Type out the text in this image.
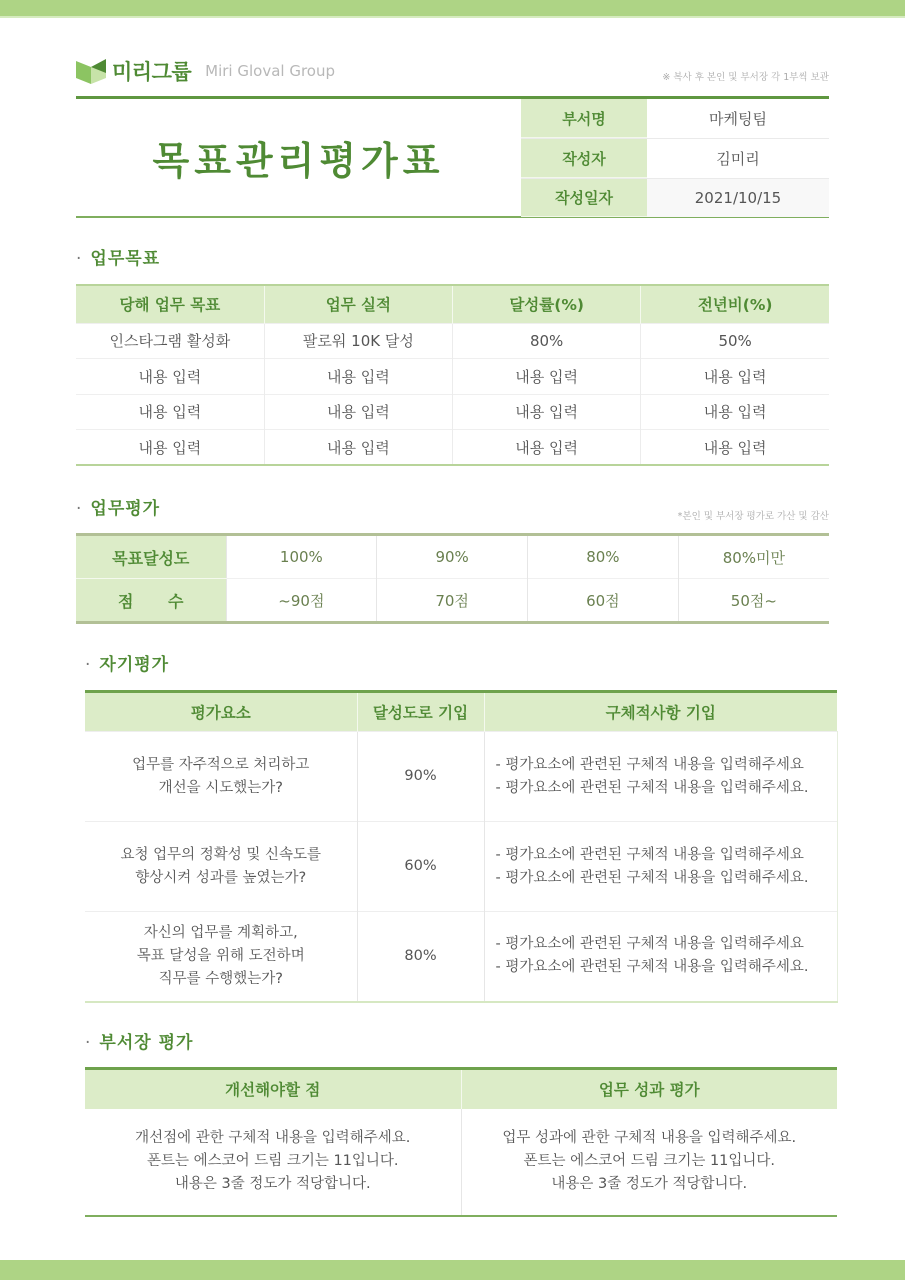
미리그룹 Miri Gloval Group	※ 복사 후 본인 및 부서장 각 1부씩 보관
목표관리평가표
부서명	마케팅팀
작성자	김미리
작성일자	2021/10/15
· 업무목표
당해 업무 목표	업무 실적	달성률(%)	전년비(%)
인스타그램 활성화	팔로워 10K 달성	80%	50%
내용 입력	내용 입력	내용 입력	내용 입력
내용 입력	내용 입력	내용 입력	내용 입력
내용 입력	내용 입력	내용 입력	내용 입력
· 업무평가	*본인 및 부서장 평가로 가산 및 감산
목표달성도	100%	90%	80%	80%미만

점 수	~90점	70점	60점	50점~
· 자기평가
평가요소	달성도로 기입	구체적사항 기입

업무를 자주적으로 처리하고
개선을 시도했는가?	90%	- 평가요소에 관련된 구체적 내용을 입력해주세요
- 평가요소에 관련된 구체적 내용을 입력해주세요.

요청 업무의 정확성 및 신속도를
향상시켜 성과를 높였는가?	60%	- 평가요소에 관련된 구체적 내용을 입력해주세요
- 평가요소에 관련된 구체적 내용을 입력해주세요.

자신의 업무를 계획하고,
목표 달성을 위해 도전하며
직무를 수행했는가?	80%	- 평가요소에 관련된 구체적 내용을 입력해주세요
- 평가요소에 관련된 구체적 내용을 입력해주세요.
· 부서장 평가
개선해야할 점	업무 성과 평가

개선점에 관한 구체적 내용을 입력해주세요.
폰트는 에스코어 드림 크기는 11입니다.
내용은 3줄 정도가 적당합니다.	업무 성과에 관한 구체적 내용을 입력해주세요.
폰트는 에스코어 드림 크기는 11입니다.
내용은 3줄 정도가 적당합니다.
